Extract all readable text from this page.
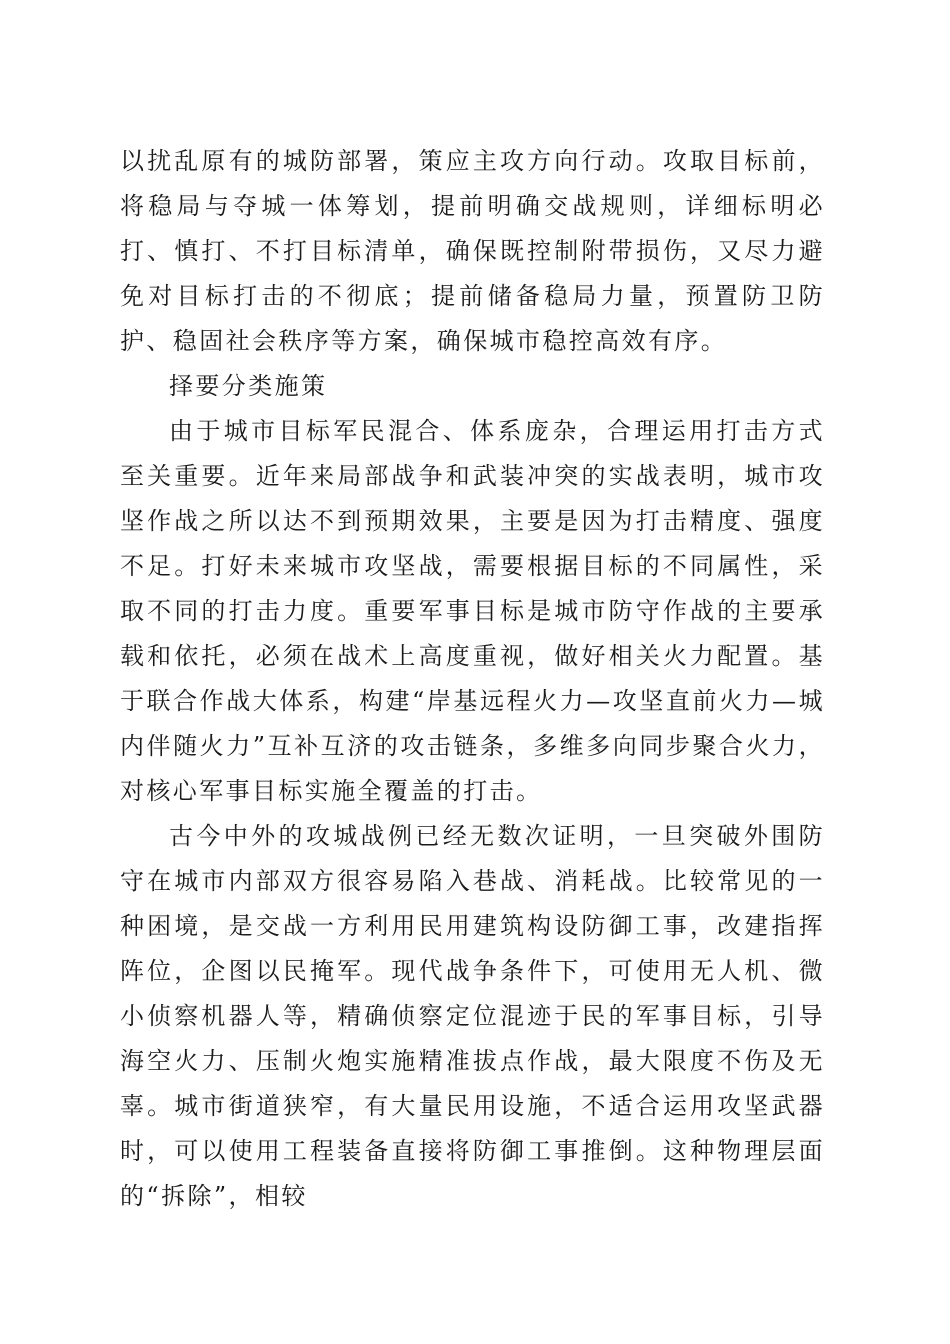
以扰乱原有的城防部署，策应主攻方向行动。攻取目标前，将稳局与夺城一体筹划，提前明确交战规则，详细标明必打、慎打、不打目标清单，确保既控制附带损伤，又尽力避免对目标打击的不彻底；提前储备稳局力量，预置防卫防护、稳固社会秩序等方案，确保城市稳控高效有序。

择要分类施策

由于城市目标军民混合、体系庞杂，合理运用打击方式至关重要。近年来局部战争和武装冲突的实战表明，城市攻坚作战之所以达不到预期效果，主要是因为打击精度、强度不足。打好未来城市攻坚战，需要根据目标的不同属性，采取不同的打击力度。重要军事目标是城市防守作战的主要承载和依托，必须在战术上高度重视，做好相关火力配置。基于联合作战大体系，构建“岸基远程火力—攻坚直前火力—城内伴随火力”互补互济的攻击链条，多维多向同步聚合火力，对核心军事目标实施全覆盖的打击。

古今中外的攻城战例已经无数次证明，一旦突破外围防守在城市内部双方很容易陷入巷战、消耗战。比较常见的一种困境，是交战一方利用民用建筑构设防御工事，改建指挥阵位，企图以民掩军。现代战争条件下，可使用无人机、微小侦察机器人等，精确侦察定位混迹于民的军事目标，引导海空火力、压制火炮实施精准拔点作战，最大限度不伤及无辜。城市街道狭窄，有大量民用设施，不适合运用攻坚武器时，可以使用工程装备直接将防御工事推倒。这种物理层面的“拆除”，相较
